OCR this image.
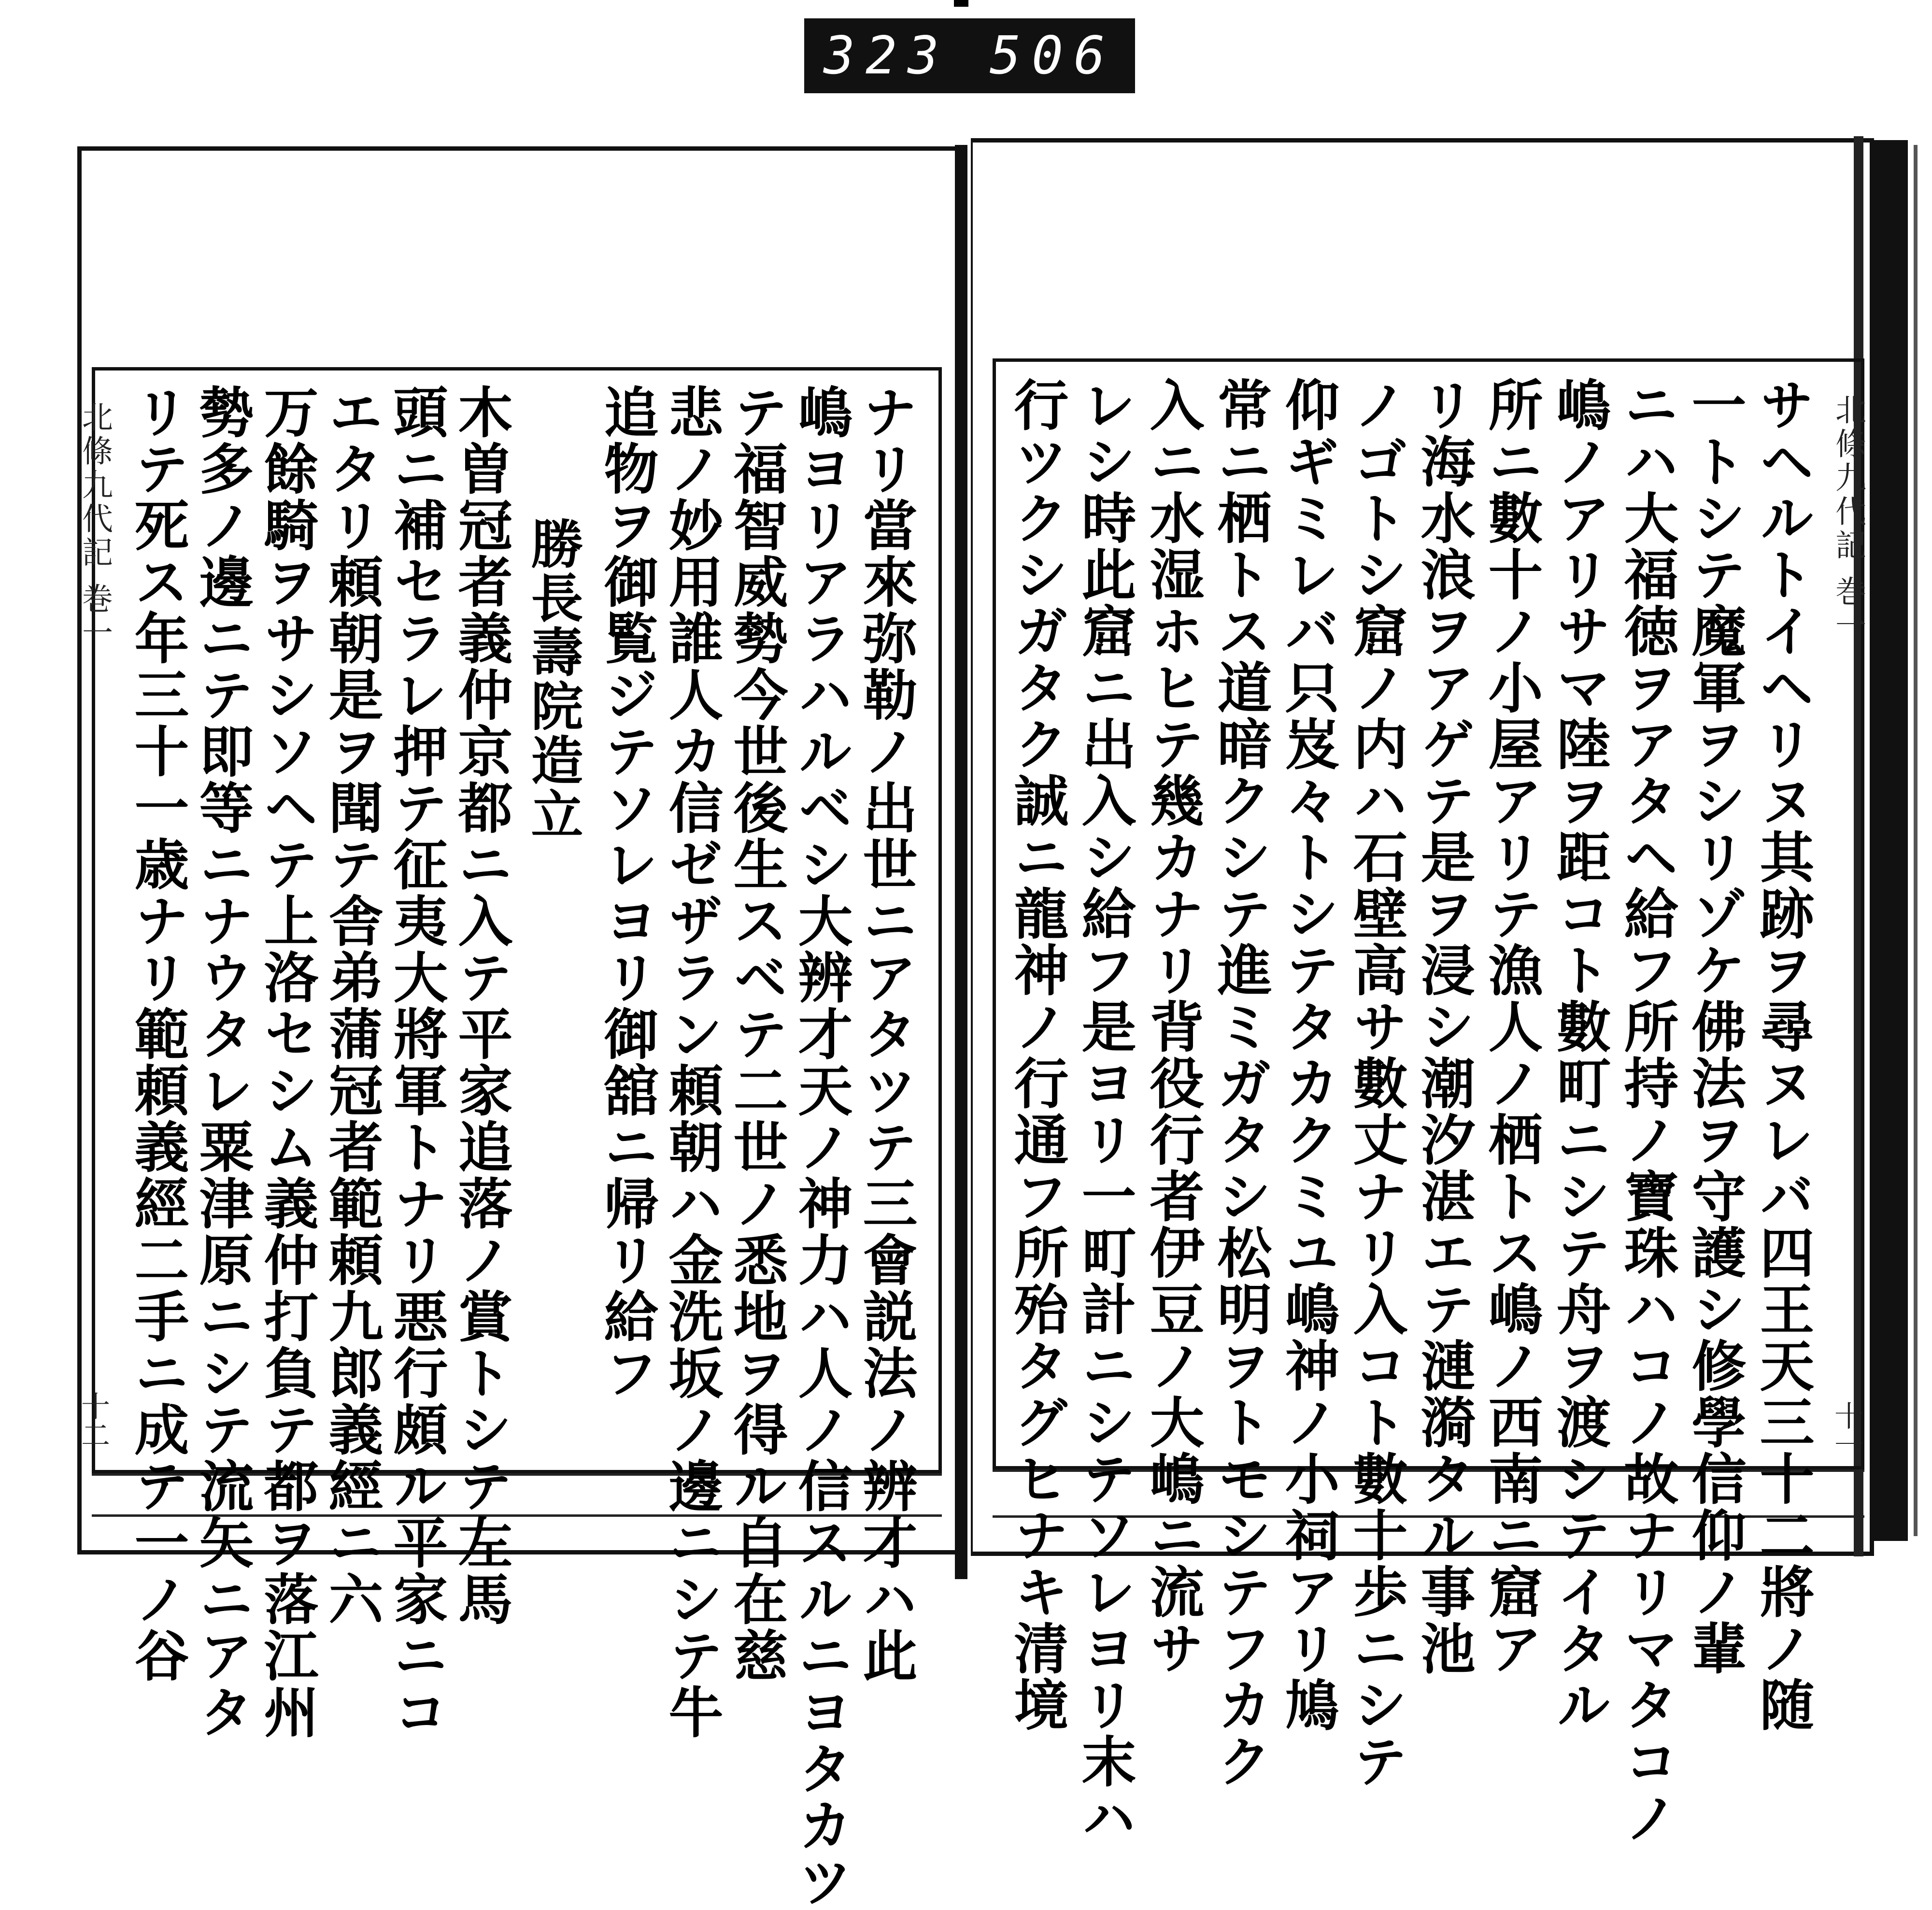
323 506
北條九代記 巻一
十二
北條九代記 巻一
十一
サヘルトイヘリヌ其跡ヲ尋ヌレバ四王天三十二將ノ随
一トシテ魔軍ヲシリゾケ佛法ヲ守護シ修學信仰ノ輩
ニハ大福徳ヲアタヘ給フ所持ノ寶珠ハコノ故ナリマタコノ
嶋ノアリサマ陸ヲ距コト數町ニシテ舟ヲ渡シテイタル
所ニ數十ノ小屋アリテ漁人ノ栖トス嶋ノ西南ニ窟ア
リ海水浪ヲアゲテ是ヲ浸シ潮汐湛エテ漣漪タル事池
ノゴトシ窟ノ内ハ石壁高サ數丈ナリ入コト數十歩ニシテ
仰ギミレバ只岌々トシテタカクミユ嶋神ノ小祠アリ鳩
常ニ栖トス道暗クシテ進ミガタシ松明ヲトモシテフカク
入ニ水湿ホヒテ幾カナリ背役行者伊豆ノ大嶋ニ流サ
レシ時此窟ニ出入シ給フ是ヨリ一町計ニシテソレヨリ末ハ
行ツクシガタク誠ニ龍神ノ行通フ所殆タグヒナキ清境
ナリ當來弥勒ノ出世ニアタツテ三會説法ノ辨才ハ此
嶋ヨリアラハルベシ大辨才天ノ神力ハ人ノ信スルニヨタカツ
テ福智威勢今世後生スベテ二世ノ悉地ヲ得ル自在慈
悲ノ妙用誰人カ信ゼザラン頼朝ハ金洗坂ノ邊ニシテ牛
追物ヲ御覧ジテソレヨリ御舘ニ帰リ給フ
勝長壽院造立
木曽冠者義仲京都ニ入テ平家追落ノ賞トシテ左馬
頭ニ補セラレ押テ征夷大將軍トナリ悪行頗ル平家ニコ
エタリ頼朝是ヲ聞テ舎弟蒲冠者範頼九郎義經ニ六
万餘騎ヲサシソヘテ上洛セシム義仲打負テ都ヲ落江州
勢多ノ邊ニテ即等ニナウタレ粟津原ニシテ流矢ニアタ
リテ死ス年三十一歳ナリ範頼義經二手ニ成テ一ノ谷
